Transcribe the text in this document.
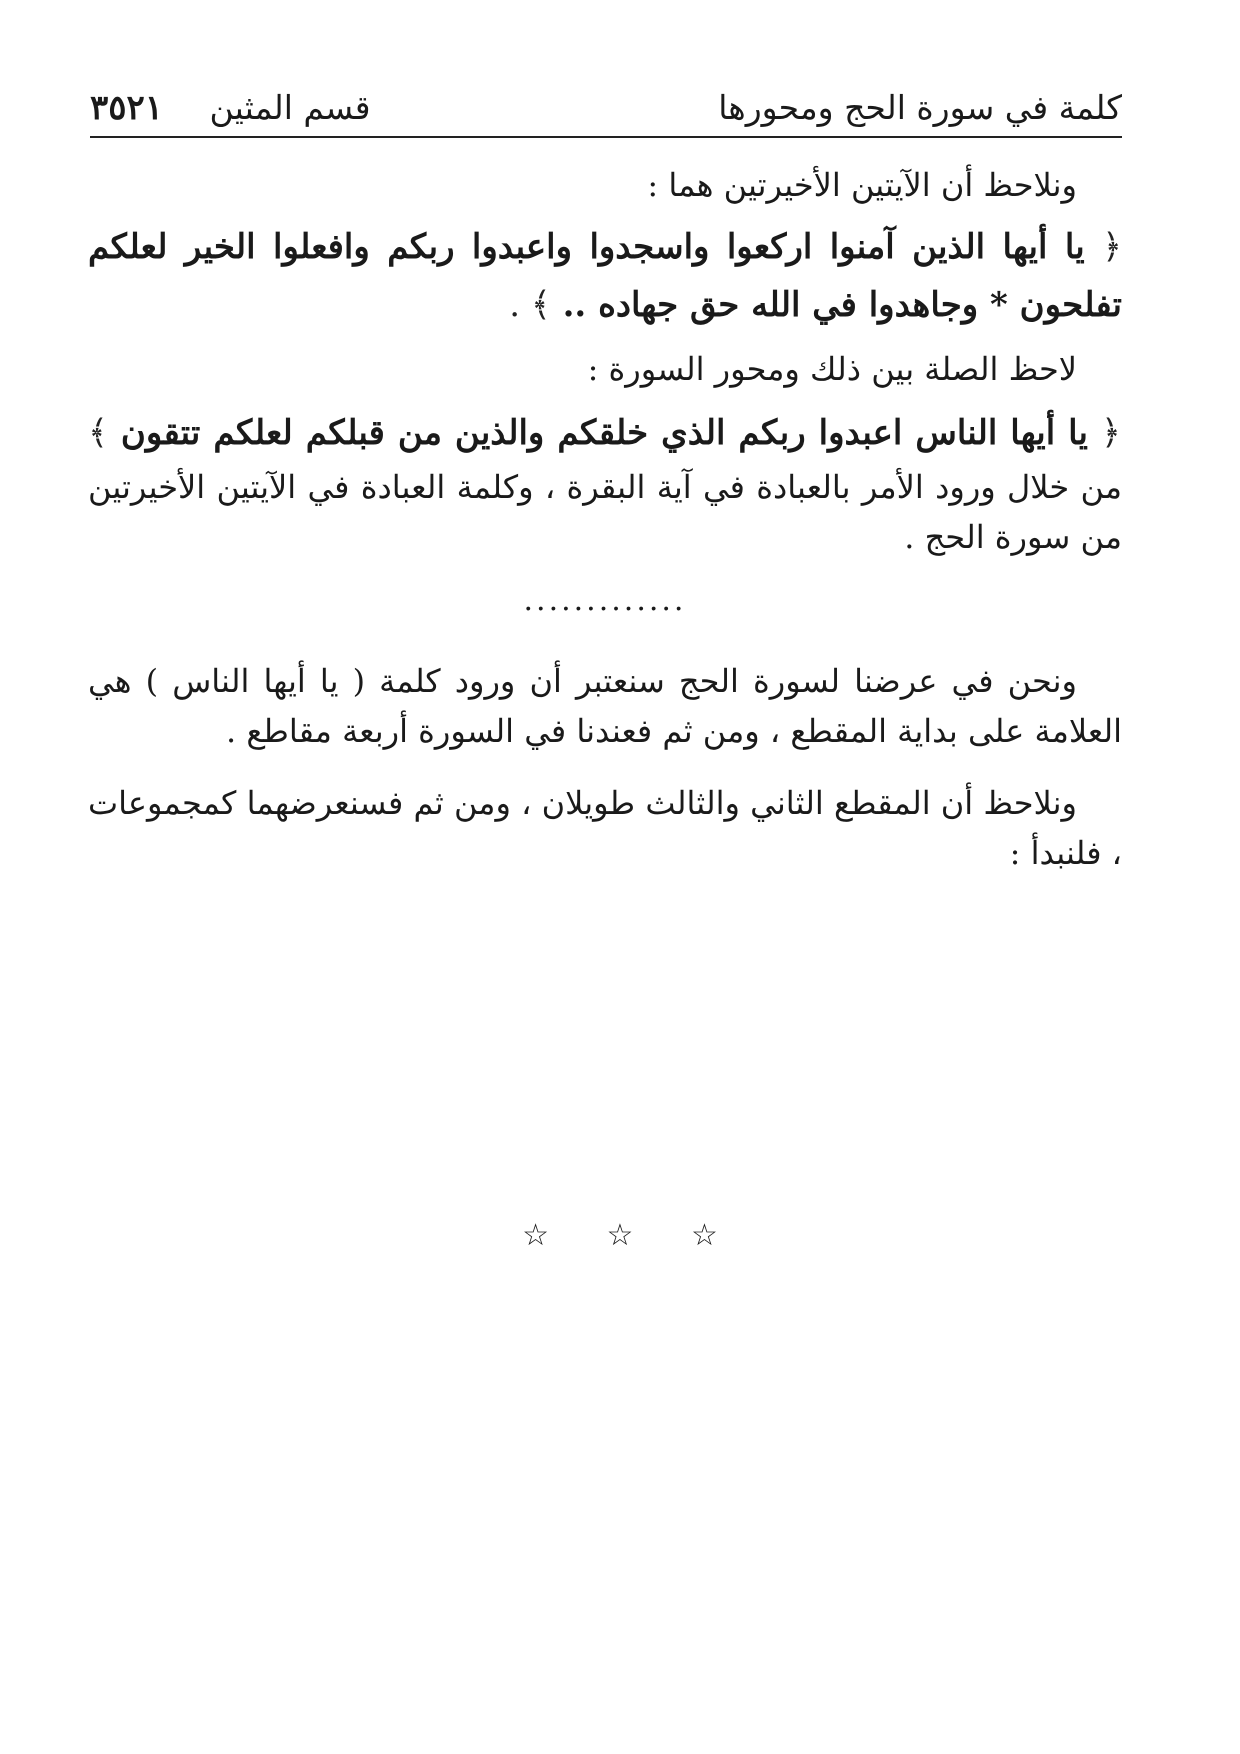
كلمة في سورة الحج ومحورها
قسم المثين ٣٥٢١

ونلاحظ أن الآيتين الأخيرتين هما :

﴿ يا أيها الذين آمنوا اركعوا واسجدوا واعبدوا ربكم وافعلوا الخير لعلكم تفلحون * وجاهدوا في الله حق جهاده .. ﴾ .

لاحظ الصلة بين ذلك ومحور السورة :

﴿ يا أيها الناس اعبدوا ربكم الذي خلقكم والذين من قبلكم لعلكم تتقون ﴾ من خلال ورود الأمر بالعبادة في آية البقرة ، وكلمة العبادة في الآيتين الأخيرتين من سورة الحج .

.............

ونحن في عرضنا لسورة الحج سنعتبر أن ورود كلمة ( يا أيها الناس ) هي العلامة على بداية المقطع ، ومن ثم فعندنا في السورة أربعة مقاطع .

ونلاحظ أن المقطع الثاني والثالث طويلان ، ومن ثم فسنعرضهما كمجموعات ، فلنبدأ :

☆ ☆ ☆
